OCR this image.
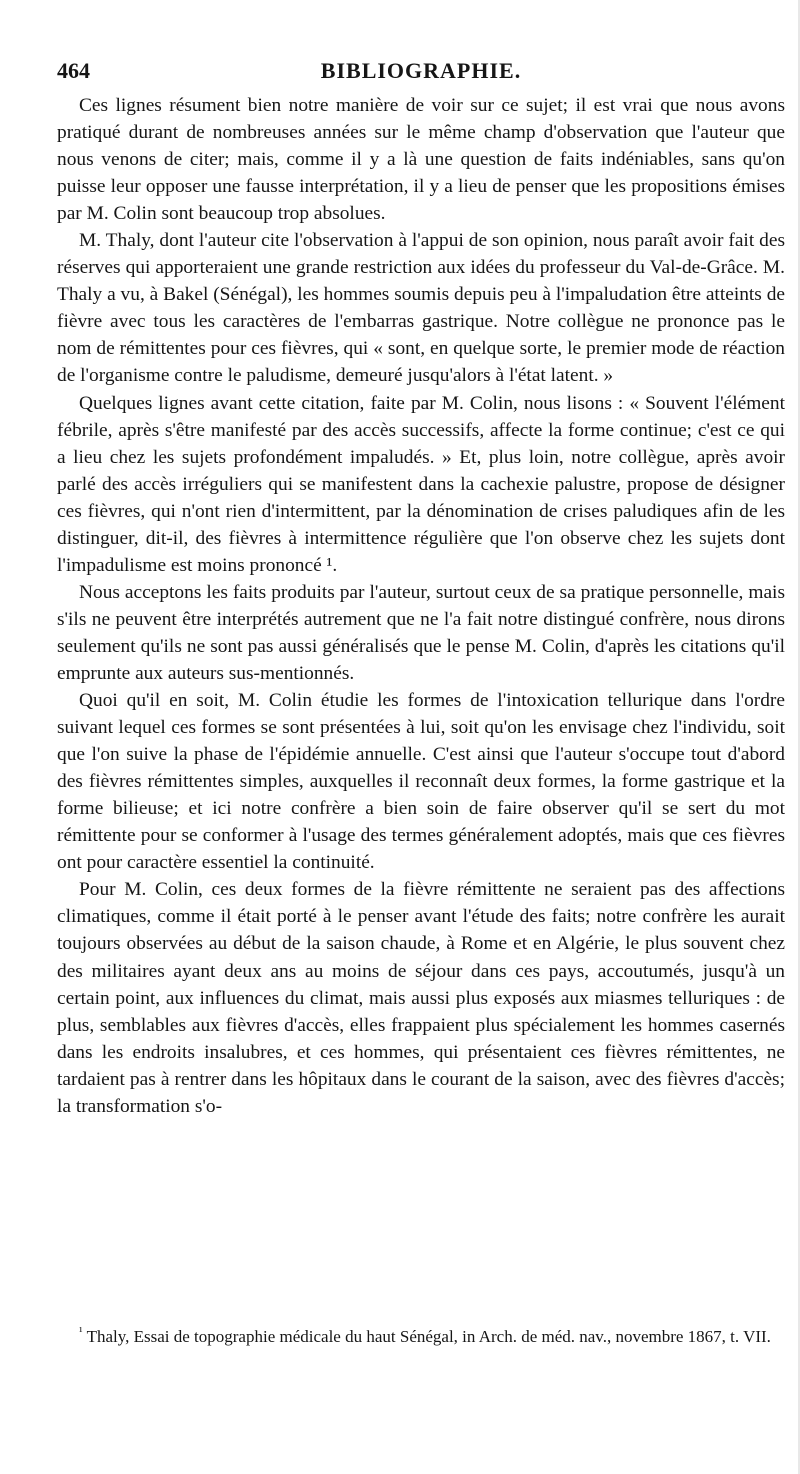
464	BIBLIOGRAPHIE.

Ces lignes résument bien notre manière de voir sur ce sujet; il est vrai que nous avons pratiqué durant de nombreuses années sur le même champ d'observation que l'auteur que nous venons de citer; mais, comme il y a là une question de faits indéniables, sans qu'on puisse leur opposer une fausse interprétation, il y a lieu de penser que les propositions émises par M. Colin sont beaucoup trop absolues.

M. Thaly, dont l'auteur cite l'observation à l'appui de son opinion, nous paraît avoir fait des réserves qui apporteraient une grande restriction aux idées du professeur du Val-de-Grâce. M. Thaly a vu, à Bakel (Sénégal), les hommes soumis depuis peu à l'impaludation être atteints de fièvre avec tous les caractères de l'embarras gastrique. Notre collègue ne prononce pas le nom de rémittentes pour ces fièvres, qui « sont, en quelque sorte, le premier mode de réaction de l'organisme contre le paludisme, demeuré jusqu'alors à l'état latent. »

Quelques lignes avant cette citation, faite par M. Colin, nous lisons : « Souvent l'élément fébrile, après s'être manifesté par des accès successifs, affecte la forme continue; c'est ce qui a lieu chez les sujets profondément impaludés. » Et, plus loin, notre collègue, après avoir parlé des accès irréguliers qui se manifestent dans la cachexie palustre, propose de désigner ces fièvres, qui n'ont rien d'intermittent, par la dénomination de crises paludiques afin de les distinguer, dit-il, des fièvres à intermittence régulière que l'on observe chez les sujets dont l'impadulisme est moins prononcé ¹.

Nous acceptons les faits produits par l'auteur, surtout ceux de sa pratique personnelle, mais s'ils ne peuvent être interprétés autrement que ne l'a fait notre distingué confrère, nous dirons seulement qu'ils ne sont pas aussi généralisés que le pense M. Colin, d'après les citations qu'il emprunte aux auteurs sus-mentionnés.

Quoi qu'il en soit, M. Colin étudie les formes de l'intoxication tellurique dans l'ordre suivant lequel ces formes se sont présentées à lui, soit qu'on les envisage chez l'individu, soit que l'on suive la phase de l'épidémie annuelle. C'est ainsi que l'auteur s'occupe tout d'abord des fièvres rémittentes simples, auxquelles il reconnaît deux formes, la forme gastrique et la forme bilieuse; et ici notre confrère a bien soin de faire observer qu'il se sert du mot rémittente pour se conformer à l'usage des termes généralement adoptés, mais que ces fièvres ont pour caractère essentiel la continuité.

Pour M. Colin, ces deux formes de la fièvre rémittente ne seraient pas des affections climatiques, comme il était porté à le penser avant l'étude des faits; notre confrère les aurait toujours observées au début de la saison chaude, à Rome et en Algérie, le plus souvent chez des militaires ayant deux ans au moins de séjour dans ces pays, accoutumés, jusqu'à un certain point, aux influences du climat, mais aussi plus exposés aux miasmes telluriques : de plus, semblables aux fièvres d'accès, elles frappaient plus spécialement les hommes casernés dans les endroits insalubres, et ces hommes, qui présentaient ces fièvres rémittentes, ne tardaient pas à rentrer dans les hôpitaux dans le courant de la saison, avec des fièvres d'accès; la transformation s'o-

$^{^1}$ Thaly, Essai de topographie médicale du haut Sénégal, in Arch. de méd. nav., novembre 1867, t. VII.
